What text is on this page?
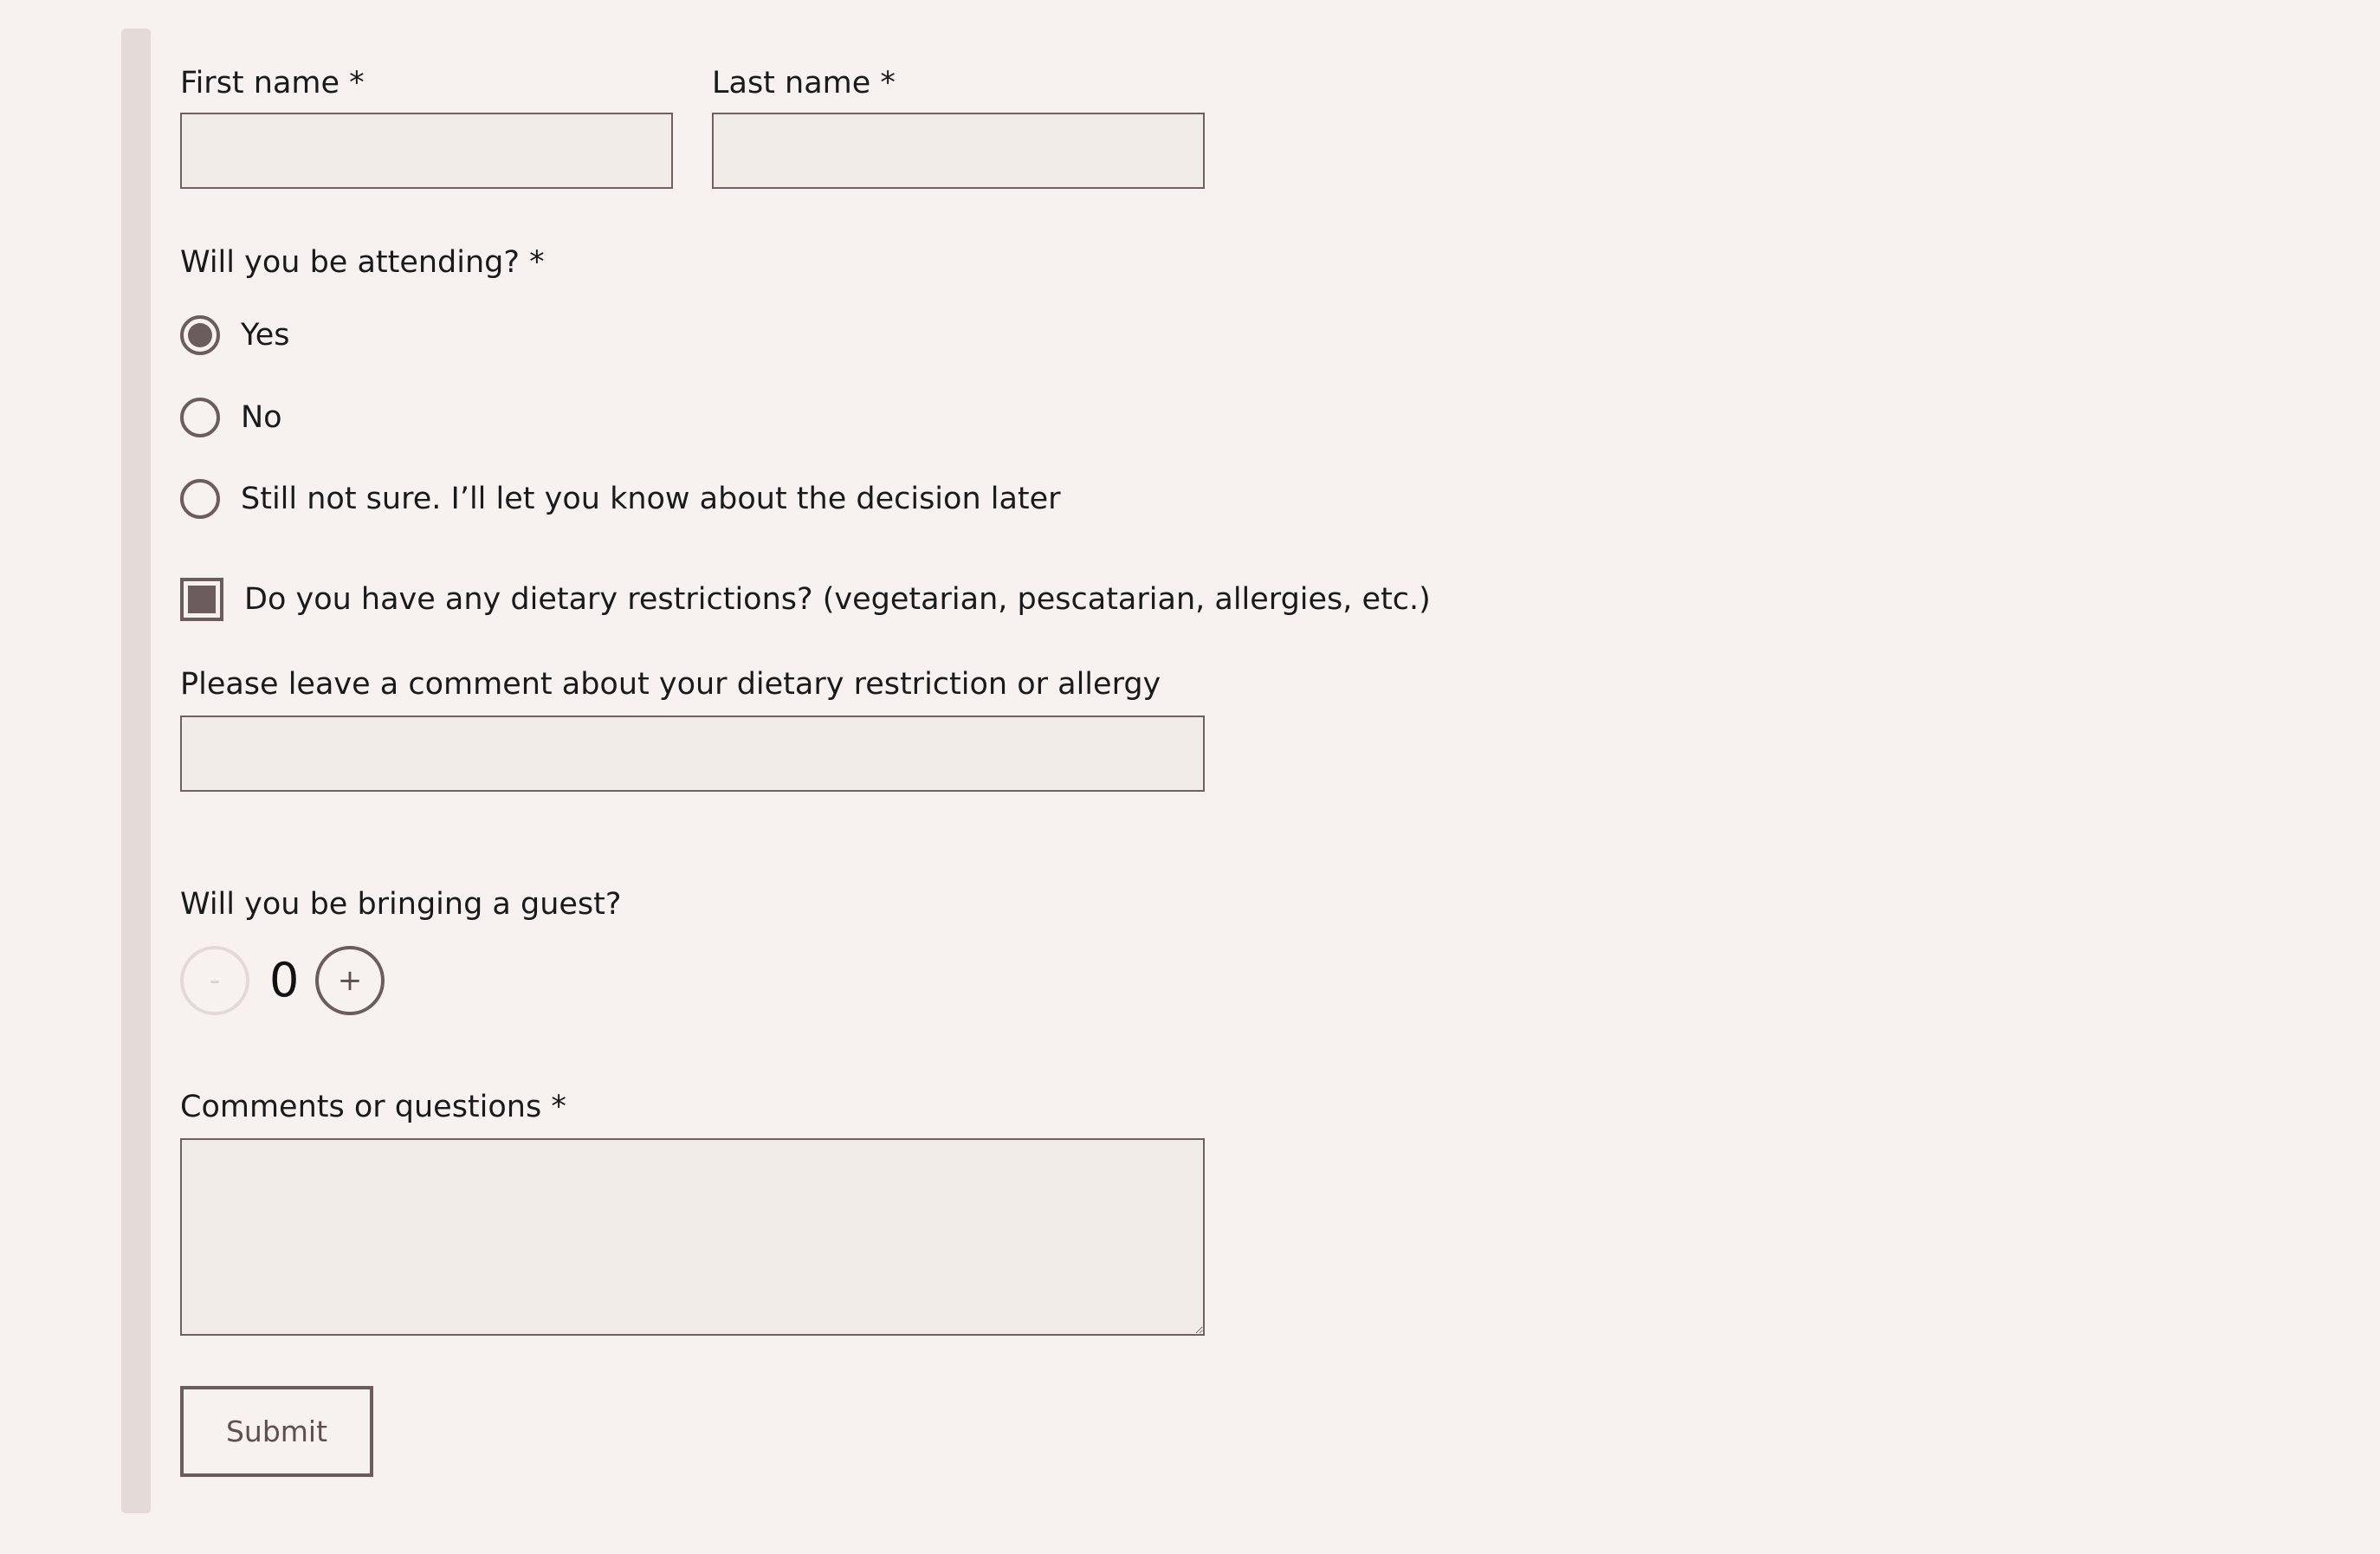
First name *	Last name *
Will you be attending? *
Yes
No
Still not sure. I’ll let you know about the decision later
Do you have any dietary restrictions? (vegetarian, pescatarian, allergies, etc.)
Please leave a comment about your dietary restriction or allergy
Will you be bringing a guest?
-	0	+
Comments or questions *
Submit
